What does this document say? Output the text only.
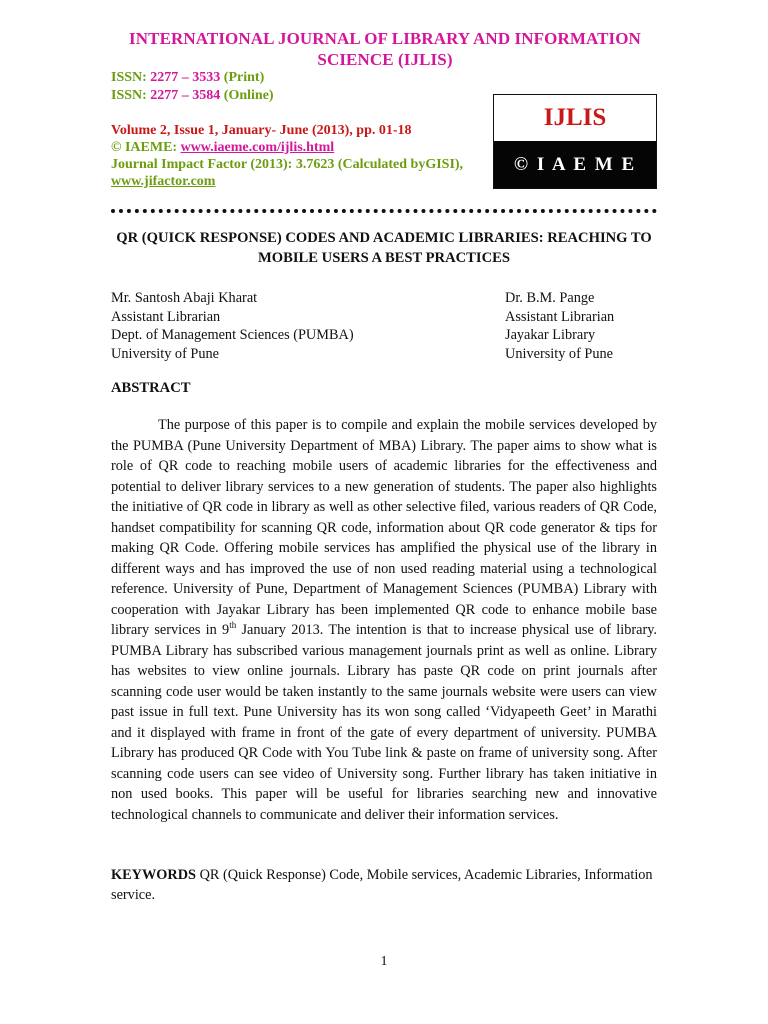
INTERNATIONAL JOURNAL OF LIBRARY AND INFORMATION SCIENCE (IJLIS)
ISSN: 2277 – 3533 (Print)
ISSN: 2277 – 3584 (Online)
Volume 2, Issue 1, January- June (2013), pp. 01-18
© IAEME: www.iaeme.com/ijlis.html
Journal Impact Factor (2013): 3.7623 (Calculated byGISI),
www.jifactor.com
IJLIS
© I A E M E
QR (QUICK RESPONSE) CODES AND ACADEMIC LIBRARIES: REACHING TO MOBILE USERS A BEST PRACTICES
Mr. Santosh Abaji Kharat
Assistant Librarian
Dept. of Management Sciences (PUMBA)
University of Pune
Dr. B.M. Pange
Assistant Librarian
Jayakar Library
University of Pune
ABSTRACT

The purpose of this paper is to compile and explain the mobile services developed by the PUMBA (Pune University Department of MBA) Library. The paper aims to show what is role of QR code to reaching mobile users of academic libraries for the effectiveness and potential to deliver library services to a new generation of students. The paper also highlights the initiative of QR code in library as well as other selective filed, various readers of QR Code, handset compatibility for scanning QR code, information about QR code generator & tips for making QR Code. Offering mobile services has amplified the physical use of the library in different ways and has improved the use of non used reading material using a technological reference. University of Pune, Department of Management Sciences (PUMBA) Library with cooperation with Jayakar Library has been implemented QR code to enhance mobile base library services in 9th January 2013. The intention is that to increase physical use of library. PUMBA Library has subscribed various management journals print as well as online. Library has websites to view online journals. Library has paste QR code on print journals after scanning code user would be taken instantly to the same journals website were users can view past issue in full text. Pune University has its won song called ‘Vidyapeeth Geet’ in Marathi and it displayed with frame in front of the gate of every department of university. PUMBA Library has produced QR Code with You Tube link & paste on frame of university song. After scanning code users can see video of University song. Further library has taken initiative in non used books. This paper will be useful for libraries searching new and innovative technological channels to communicate and deliver their information services.

KEYWORDS QR (Quick Response) Code, Mobile services, Academic Libraries, Information service.

1
